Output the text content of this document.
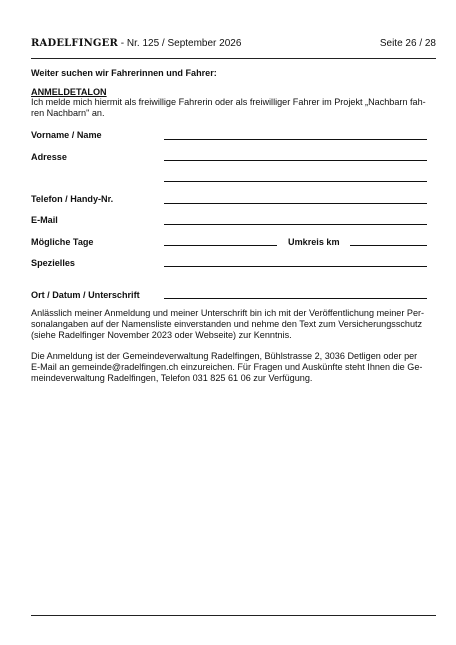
RADELFINGER - Nr. 125 / September 2026	Seite 26 / 28
Weiter suchen wir Fahrerinnen und Fahrer:
ANMELDETALON
Ich melde mich hiermit als freiwillige Fahrerin oder als freiwilliger Fahrer im Projekt „Nachbarn fah-
ren Nachbarn" an.
Vorname / Name
Adresse
Telefon / Handy-Nr.
E-Mail
Mögliche Tage	Umkreis km
Spezielles
Ort / Datum / Unterschrift
Anlässlich meiner Anmeldung und meiner Unterschrift bin ich mit der Veröffentlichung meiner Per-
sonalangaben auf der Namensliste einverstanden und nehme den Text zum Versicherungsschutz
(siehe Radelfinger November 2023 oder Webseite) zur Kenntnis.
Die Anmeldung ist der Gemeindeverwaltung Radelfingen, Bühlstrasse 2, 3036 Detligen oder per
E-Mail an gemeinde@radelfingen.ch einzureichen. Für Fragen und Auskünfte steht Ihnen die Ge-
meindeverwaltung Radelfingen, Telefon 031 825 61 06 zur Verfügung.
